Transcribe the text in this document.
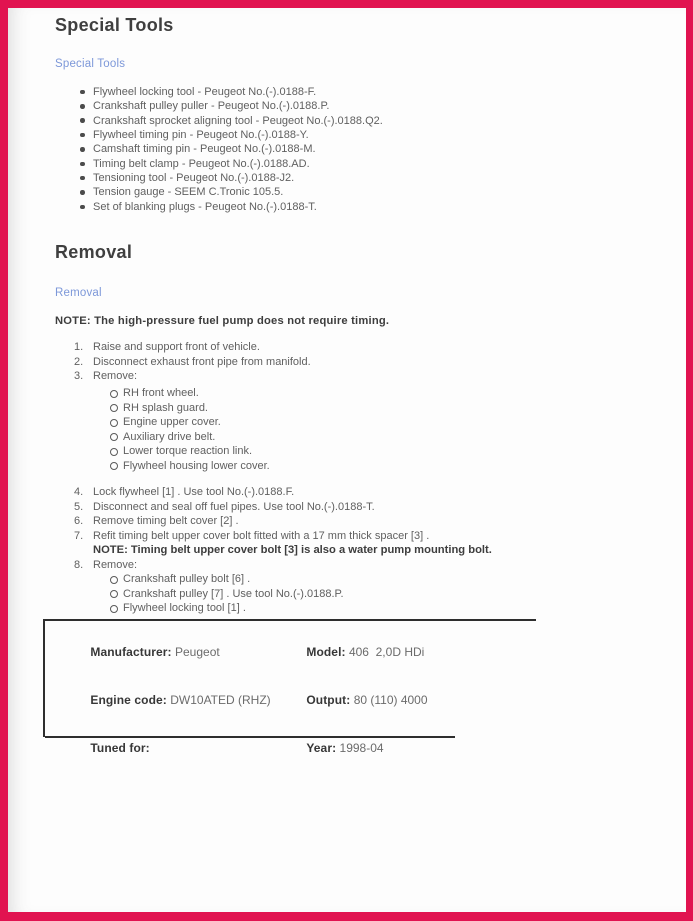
Special Tools
Special Tools
Flywheel locking tool - Peugeot No.(-).0188-F.
Crankshaft pulley puller - Peugeot No.(-).0188.P.
Crankshaft sprocket aligning tool - Peugeot No.(-).0188.Q2.
Flywheel timing pin - Peugeot No.(-).0188-Y.
Camshaft timing pin - Peugeot No.(-).0188-M.
Timing belt clamp - Peugeot No.(-).0188.AD.
Tensioning tool - Peugeot No.(-).0188-J2.
Tension gauge - SEEM C.Tronic 105.5.
Set of blanking plugs - Peugeot No.(-).0188-T.
Removal
Removal
NOTE: The high-pressure fuel pump does not require timing.
1. Raise and support front of vehicle.
2. Disconnect exhaust front pipe from manifold.
3. Remove:
RH front wheel.
RH splash guard.
Engine upper cover.
Auxiliary drive belt.
Lower torque reaction link.
Flywheel housing lower cover.
4. Lock flywheel [1] . Use tool No.(-).0188.F.
5. Disconnect and seal off fuel pipes. Use tool No.(-).0188-T.
6. Remove timing belt cover [2] .
7. Refit timing belt upper cover bolt fitted with a 17 mm thick spacer [3] .
NOTE: Timing belt upper cover bolt [3] is also a water pump mounting bolt.
8. Remove:
Crankshaft pulley bolt [6] .
Crankshaft pulley [7] . Use tool No.(-).0188.P.
Flywheel locking tool [1] .

Manufacturer: Peugeot

Engine code: DW10ATED (RHZ)

Tuned for:

Model: 406  2,0D HDi

Output: 80 (110) 4000

Year: 1998-04
